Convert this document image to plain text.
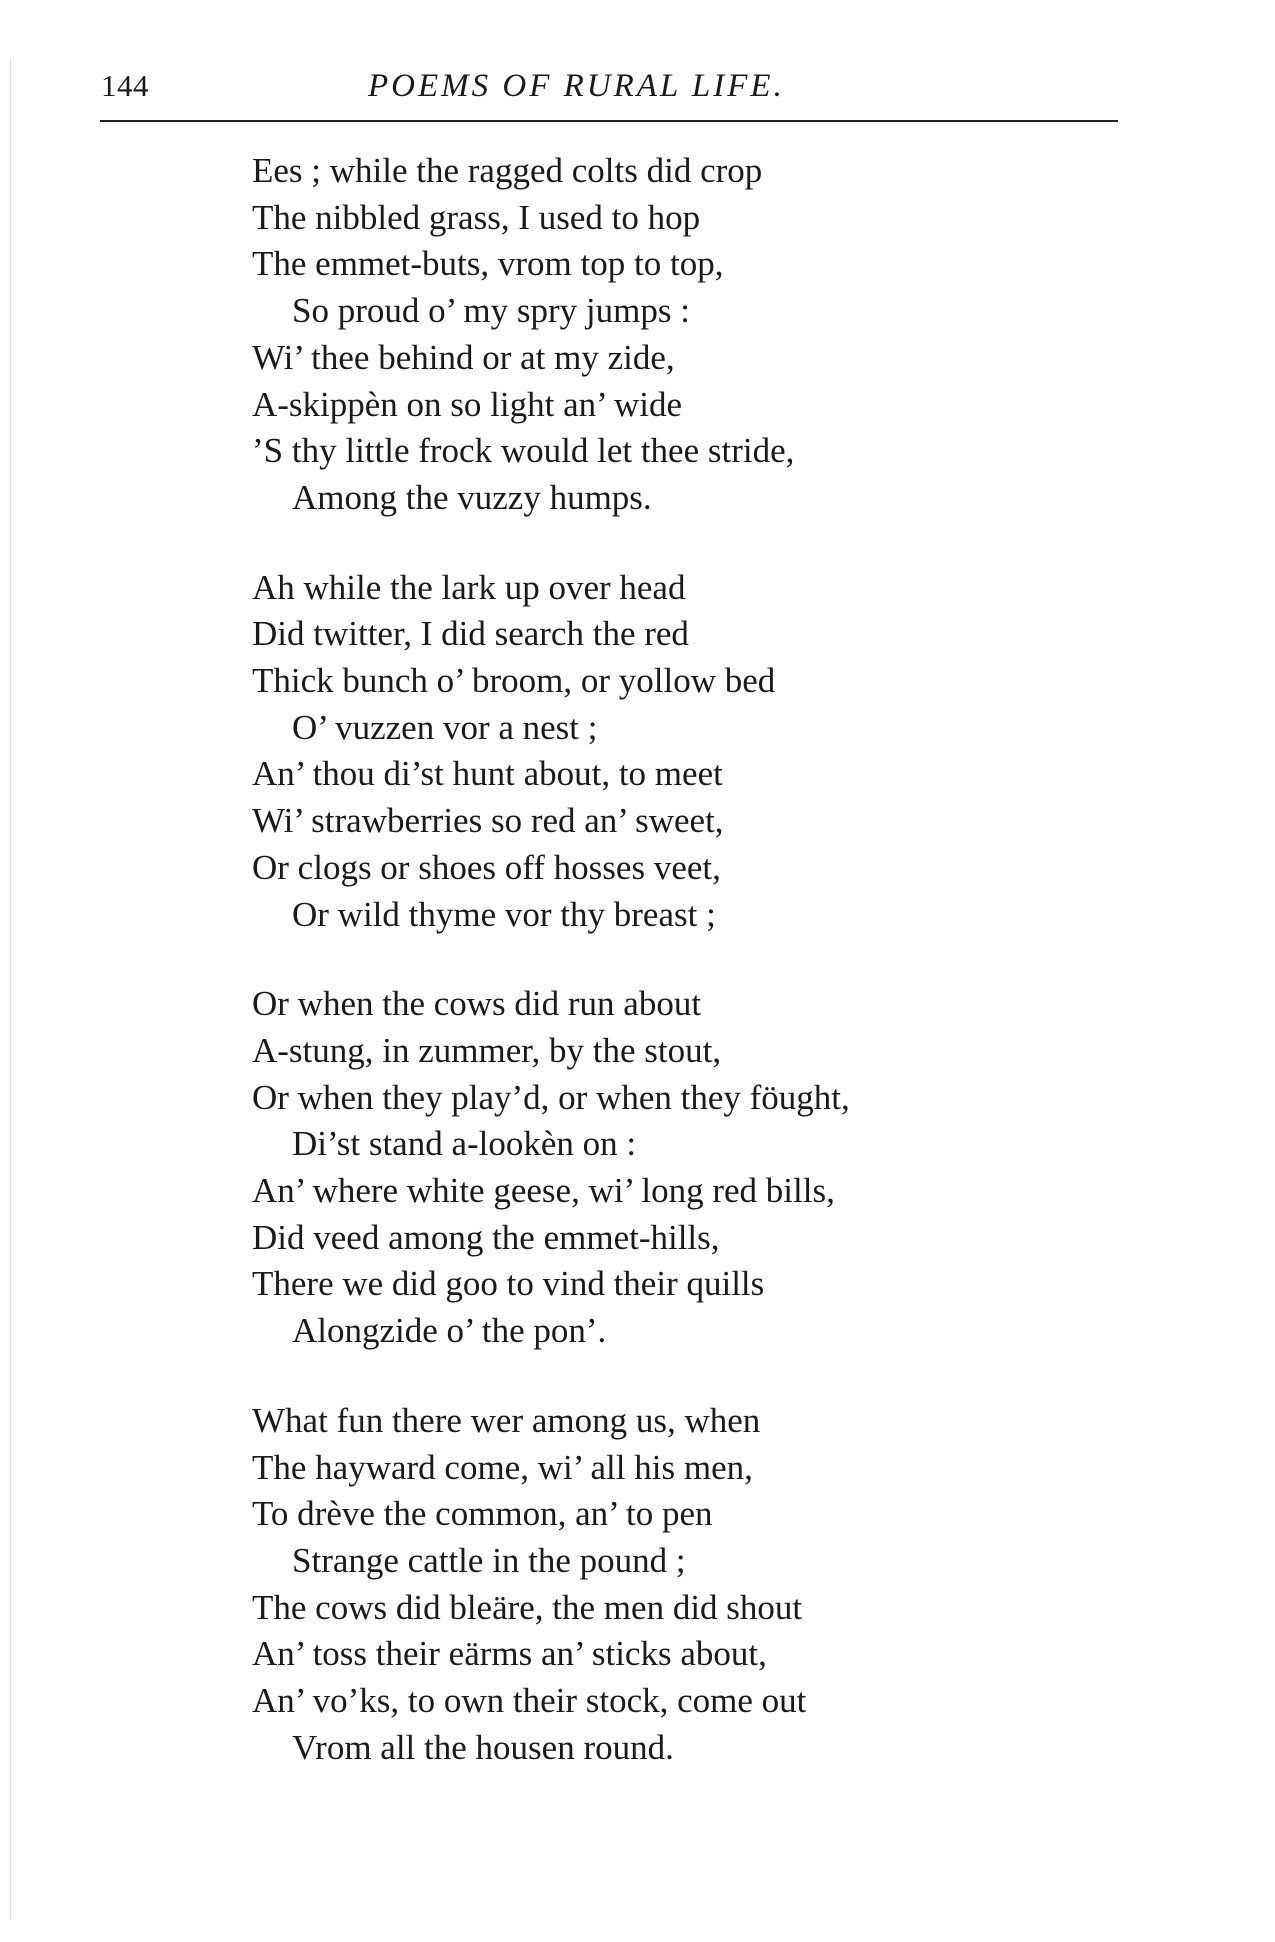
144	POEMS OF RURAL LIFE.
Ees ; while the ragged colts did crop
The nibbled grass, I used to hop
The emmet-buts, vrom top to top,
So proud o’ my spry jumps :
Wi’ thee behind or at my zide,
A-skippèn on so light an’ wide
’S thy little frock would let thee stride,
Among the vuzzy humps.
Ah while the lark up over head
Did twitter, I did search the red
Thick bunch o’ broom, or yollow bed
O’ vuzzen vor a nest ;
An’ thou di’st hunt about, to meet
Wi’ strawberries so red an’ sweet,
Or clogs or shoes off hosses veet,
Or wild thyme vor thy breast ;
Or when the cows did run about
A-stung, in zummer, by the stout,
Or when they play’d, or when they föught,
Di’st stand a-lookèn on :
An’ where white geese, wi’ long red bills,
Did veed among the emmet-hills,
There we did goo to vind their quills
Alongzide o’ the pon’.
What fun there wer among us, when
The hayward come, wi’ all his men,
To drève the common, an’ to pen
Strange cattle in the pound ;
The cows did bleäre, the men did shout
An’ toss their eärms an’ sticks about,
An’ vo’ks, to own their stock, come out
Vrom all the housen round.
